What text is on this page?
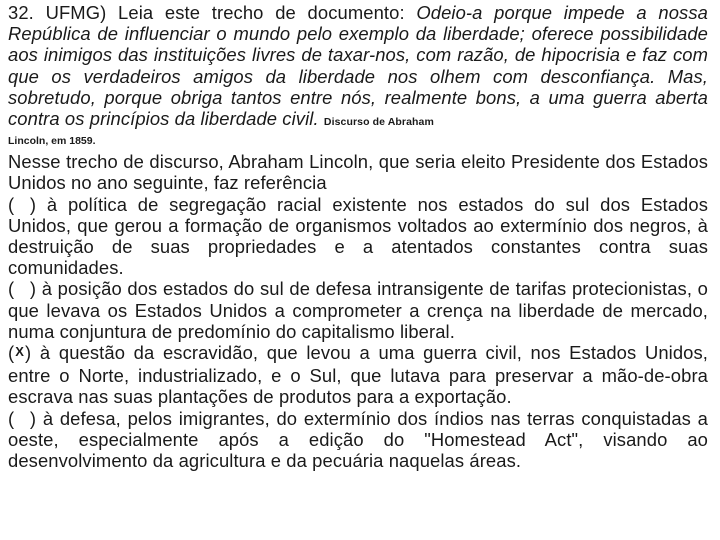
32. UFMG) Leia este trecho de documento: Odeio-a porque impede a nossa República de influenciar o mundo pelo exemplo da liberdade; oferece possibilidade aos inimigos das instituições livres de taxar-nos, com razão, de hipocrisia e faz com que os verdadeiros amigos da liberdade nos olhem com desconfiança. Mas, sobretudo, porque obriga tantos entre nós, realmente bons, a uma guerra aberta contra os princípios da liberdade civil. Discurso de Abraham

Lincoln, em 1859.

Nesse trecho de discurso, Abraham Lincoln, que seria eleito Presidente dos Estados Unidos no ano seguinte, faz referência

( ) à política de segregação racial existente nos estados do sul dos Estados Unidos, que gerou a formação de organismos voltados ao extermínio dos negros, à destruição de suas propriedades e a atentados constantes contra suas comunidades.

( ) à posição dos estados do sul de defesa intransigente de tarifas protecionistas, o que levava os Estados Unidos a comprometer a crença na liberdade de mercado, numa conjuntura de predomínio do capitalismo liberal.

(X) à questão da escravidão, que levou a uma guerra civil, nos Estados Unidos, entre o Norte, industrializado, e o Sul, que lutava para preservar a mão-de-obra escrava nas suas plantações de produtos para a exportação.

( ) à defesa, pelos imigrantes, do extermínio dos índios nas terras conquistadas a oeste, especialmente após a edição do "Homestead Act", visando ao desenvolvimento da agricultura e da pecuária naquelas áreas.
